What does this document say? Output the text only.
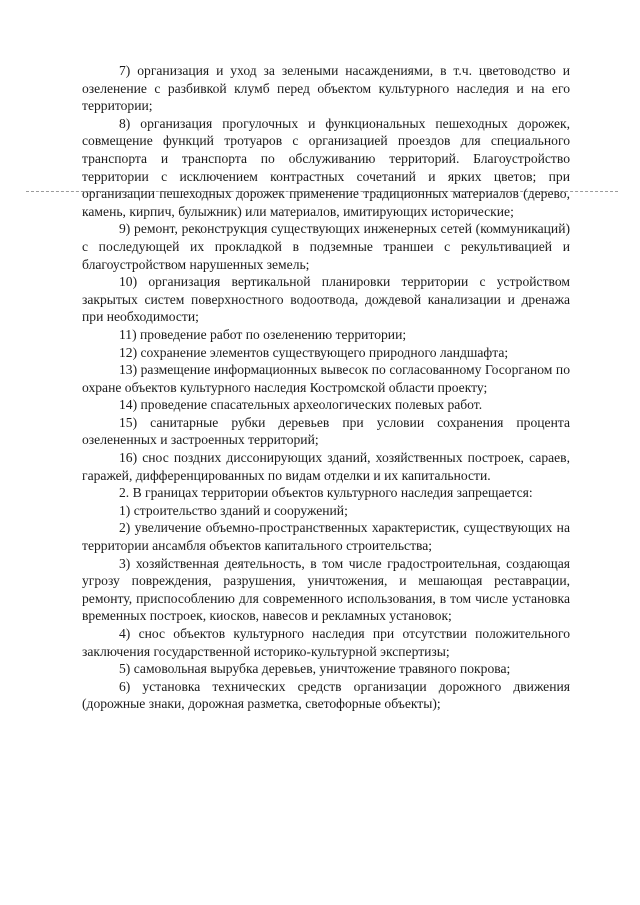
7) организация и уход за зелеными насаждениями, в т.ч. цветоводство и озеленение с разбивкой клумб перед объектом культурного наследия и на его территории;

8) организация прогулочных и функциональных пешеходных дорожек, совмещение функций тротуаров с организацией проездов для специального транспорта и транспорта по обслуживанию территорий. Благоустройство территории с исключением контрастных сочетаний и ярких цветов; при организации пешеходных дорожек применение традиционных материалов (дерево, камень, кирпич, булыжник) или материалов, имитирующих исторические;

9) ремонт, реконструкция существующих инженерных сетей (коммуникаций) с последующей их прокладкой в подземные траншеи с рекультивацией и благоустройством нарушенных земель;

10) организация вертикальной планировки территории с устройством закрытых систем поверхностного водоотвода, дождевой канализации и дренажа при необходимости;

11) проведение работ по озеленению территории;

12) сохранение элементов существующего природного ландшафта;

13) размещение информационных вывесок по согласованному Госорганом по охране объектов культурного наследия Костромской области проекту;

14) проведение спасательных археологических полевых работ.

15) санитарные рубки деревьев при условии сохранения процента озелененных и застроенных территорий;

16) снос поздних диссонирующих зданий, хозяйственных построек, сараев, гаражей, дифференцированных по видам отделки и их капитальности.

2. В границах территории объектов культурного наследия запрещается:

1) строительство зданий и сооружений;

2) увеличение объемно-пространственных характеристик, существующих на территории ансамбля объектов капитального строительства;

3) хозяйственная деятельность, в том числе градостроительная, создающая угрозу повреждения, разрушения, уничтожения, и мешающая реставрации, ремонту, приспособлению для современного использования, в том числе установка временных построек, киосков, навесов и рекламных установок;

4) снос объектов культурного наследия при отсутствии положительного заключения государственной историко-культурной экспертизы;

5) самовольная вырубка деревьев, уничтожение травяного покрова;

6) установка технических средств организации дорожного движения (дорожные знаки, дорожная разметка, светофорные объекты);
